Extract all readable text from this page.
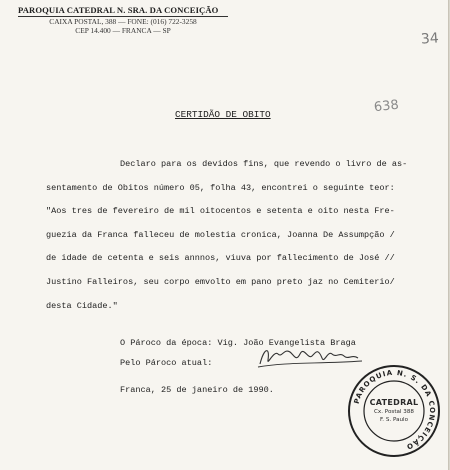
PAROQUIA CATEDRAL N. SRA. DA CONCEIÇÃO
CAIXA POSTAL, 388 — FONE: (016) 722-3258
CEP 14.400 — FRANCA — SP	34
638
CERTIDÃO DE OBITO
Declaro para os devidos fins, que revendo o livro de as-
sentamento de Obitos número 05, folha 43, encontrei o seguinte teor:
"Aos tres de fevereiro de mil oitocentos e setenta e oito nesta Fre-
guezia da Franca falleceu de molestia cronica, Joanna De Assumpção /
de idade de cetenta e seis annnos, viuva por fallecimento de José //
Justino Falleiros, seu corpo emvolto em pano preto jaz no Cemiterio/
desta Cidade."
O Pároco da época: Vig. João Evangelista Braga
Pelo Pároco atual:
Franca, 25 de janeiro de 1990.
PAROQUIA N. S. DA CONCEIÇÃO
CATEDRAL
Cx. Postal 388
F. S. Paulo
